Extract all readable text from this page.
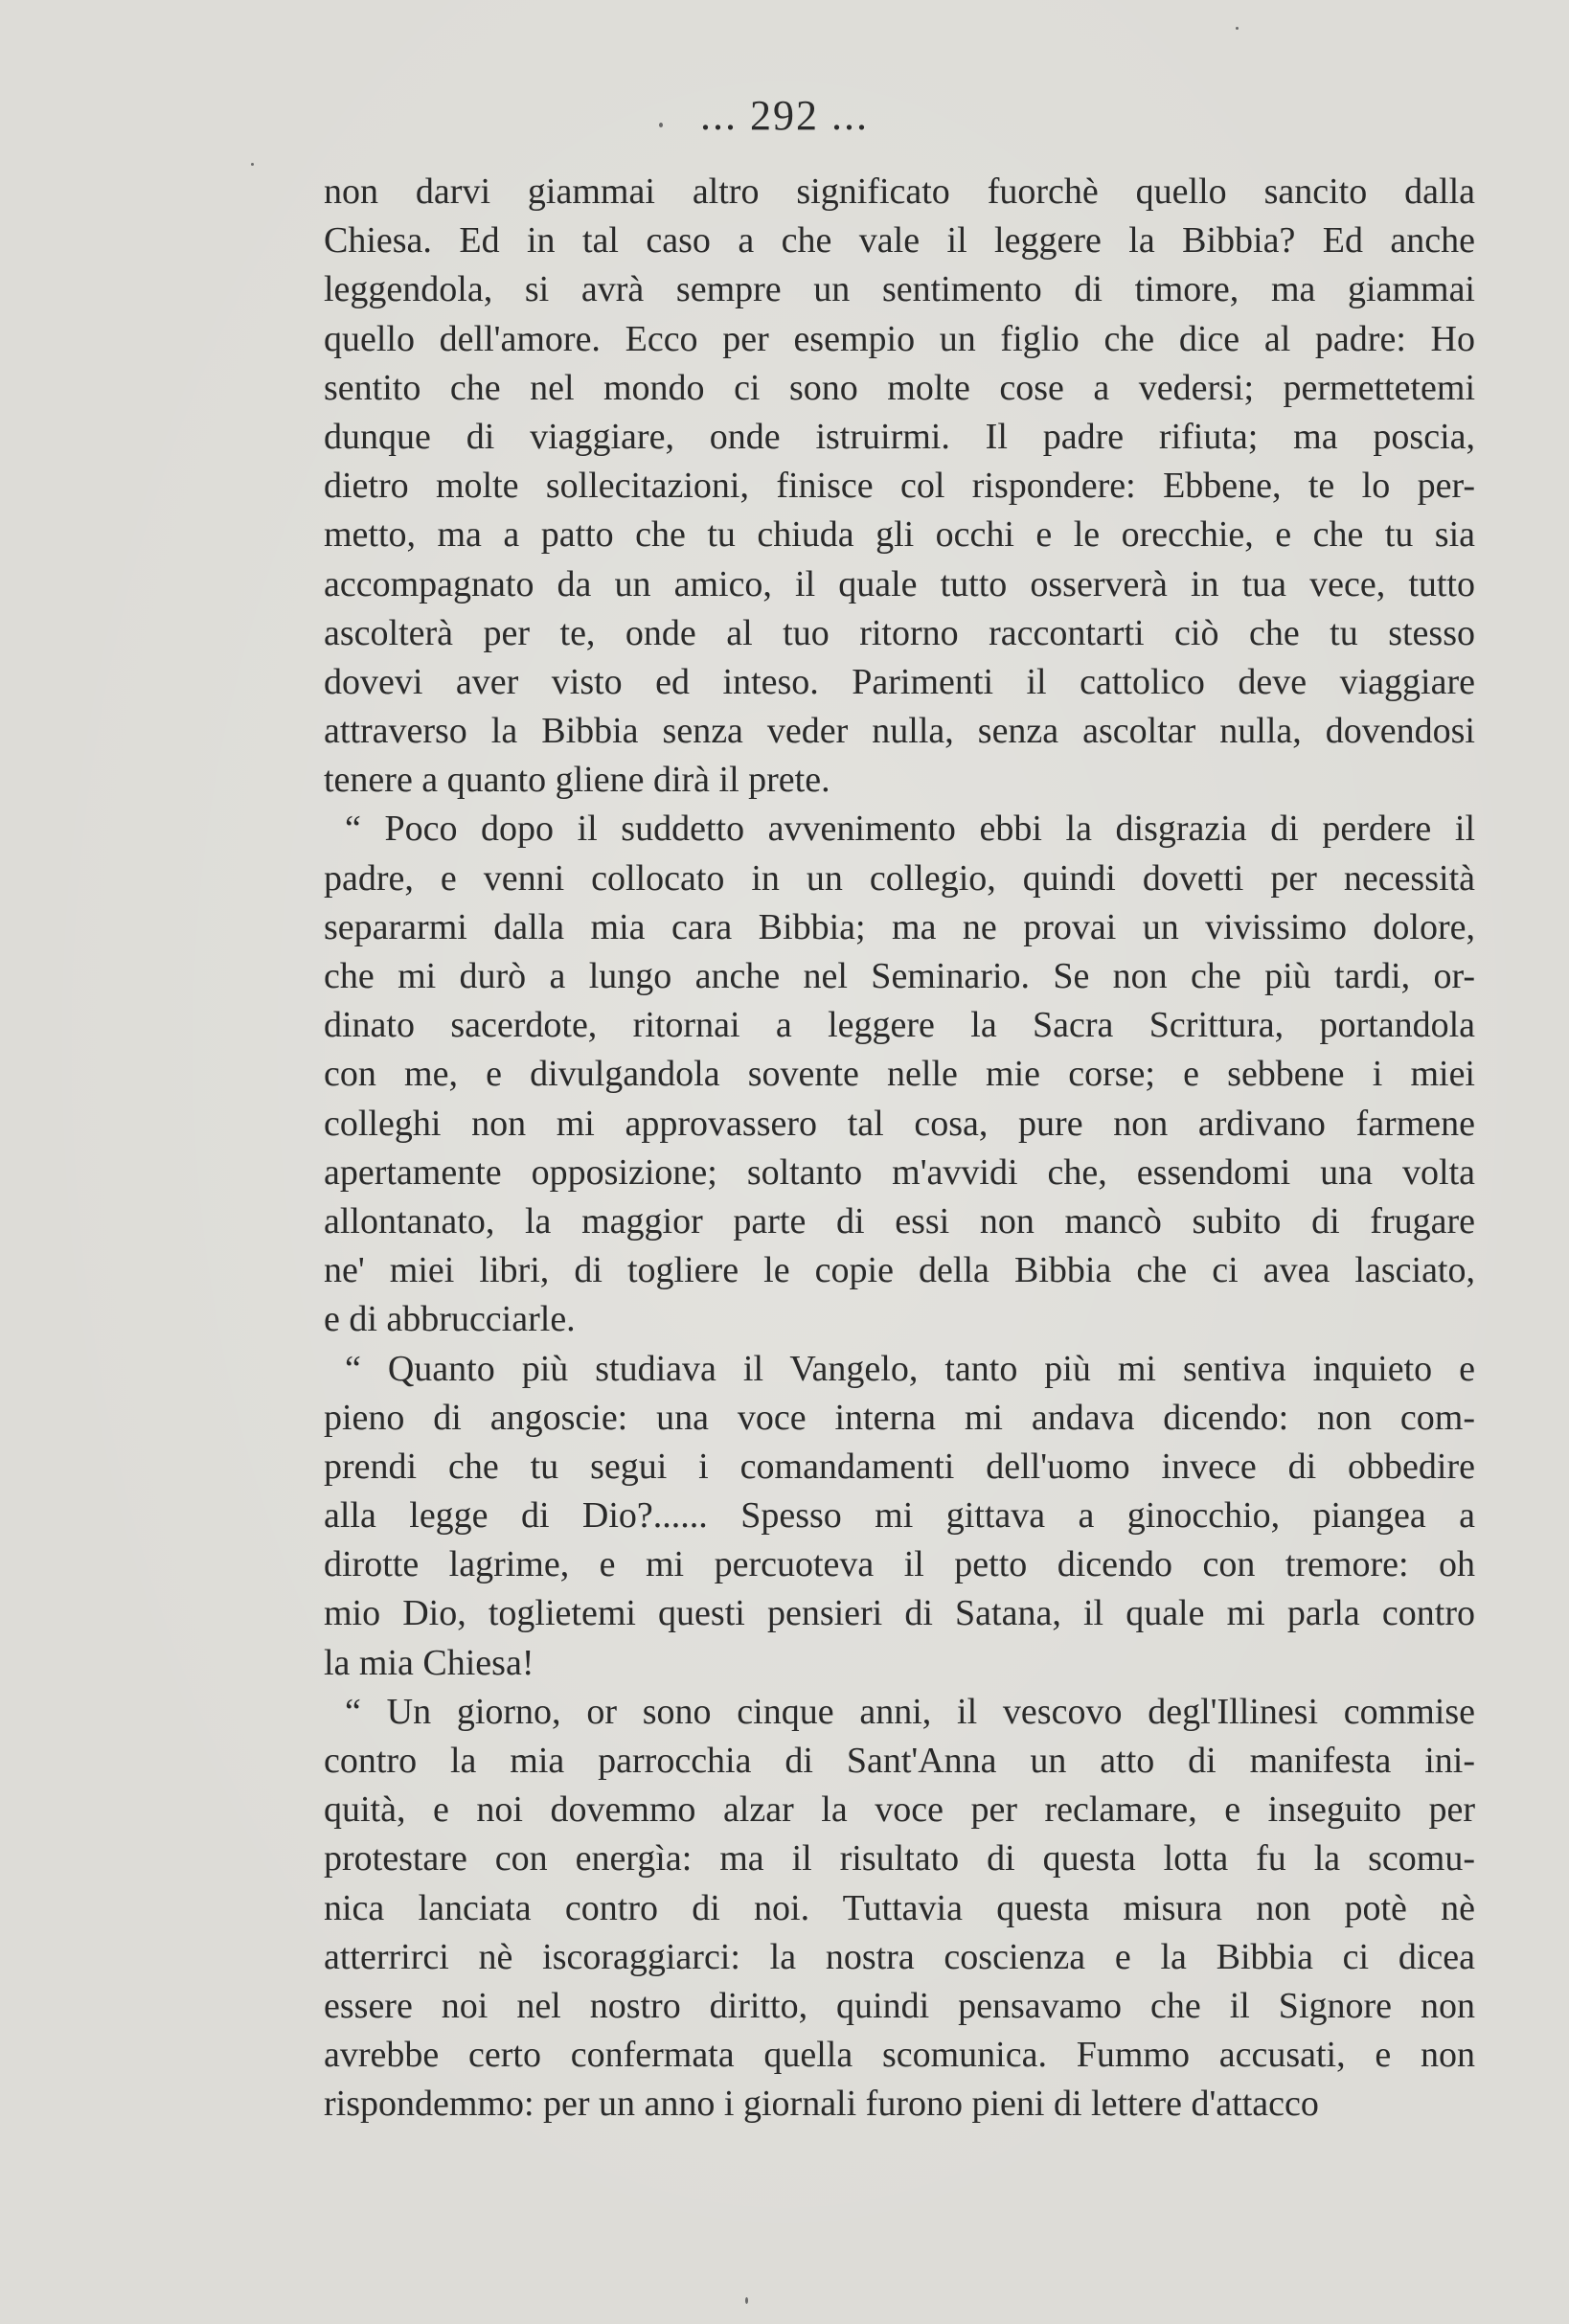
... 292 ...
non darvi giammai altro significato fuorchè quello sancito dalla
Chiesa. Ed in tal caso a che vale il leggere la Bibbia? Ed anche
leggendola, si avrà sempre un sentimento di timore, ma giammai
quello dell'amore. Ecco per esempio un figlio che dice al padre: Ho
sentito che nel mondo ci sono molte cose a vedersi; permettetemi
dunque di viaggiare, onde istruirmi. Il padre rifiuta; ma poscia,
dietro molte sollecitazioni, finisce col rispondere: Ebbene, te lo per-
metto, ma a patto che tu chiuda gli occhi e le orecchie, e che tu sia
accompagnato da un amico, il quale tutto osserverà in tua vece, tutto
ascolterà per te, onde al tuo ritorno raccontarti ciò che tu stesso
dovevi aver visto ed inteso. Parimenti il cattolico deve viaggiare
attraverso la Bibbia senza veder nulla, senza ascoltar nulla, dovendosi
tenere a quanto gliene dirà il prete.
“ Poco dopo il suddetto avvenimento ebbi la disgrazia di perdere il
padre, e venni collocato in un collegio, quindi dovetti per necessità
separarmi dalla mia cara Bibbia; ma ne provai un vivissimo dolore,
che mi durò a lungo anche nel Seminario. Se non che più tardi, or-
dinato sacerdote, ritornai a leggere la Sacra Scrittura, portandola
con me, e divulgandola sovente nelle mie corse; e sebbene i miei
colleghi non mi approvassero tal cosa, pure non ardivano farmene
apertamente opposizione; soltanto m'avvidi che, essendomi una volta
allontanato, la maggior parte di essi non mancò subito di frugare
ne' miei libri, di togliere le copie della Bibbia che ci avea lasciato,
e di abbrucciarle.
“ Quanto più studiava il Vangelo, tanto più mi sentiva inquieto e
pieno di angoscie: una voce interna mi andava dicendo: non com-
prendi che tu segui i comandamenti dell'uomo invece di obbedire
alla legge di Dio?...... Spesso mi gittava a ginocchio, piangea a
dirotte lagrime, e mi percuoteva il petto dicendo con tremore: oh
mio Dio, toglietemi questi pensieri di Satana, il quale mi parla contro
la mia Chiesa!
“ Un giorno, or sono cinque anni, il vescovo degl'Illinesi commise
contro la mia parrocchia di Sant'Anna un atto di manifesta ini-
quità, e noi dovemmo alzar la voce per reclamare, e inseguito per
protestare con energìa: ma il risultato di questa lotta fu la scomu-
nica lanciata contro di noi. Tuttavia questa misura non potè nè
atterrirci nè iscoraggiarci: la nostra coscienza e la Bibbia ci dicea
essere noi nel nostro diritto, quindi pensavamo che il Signore non
avrebbe certo confermata quella scomunica. Fummo accusati, e non
rispondemmo: per un anno i giornali furono pieni di lettere d'attacco
